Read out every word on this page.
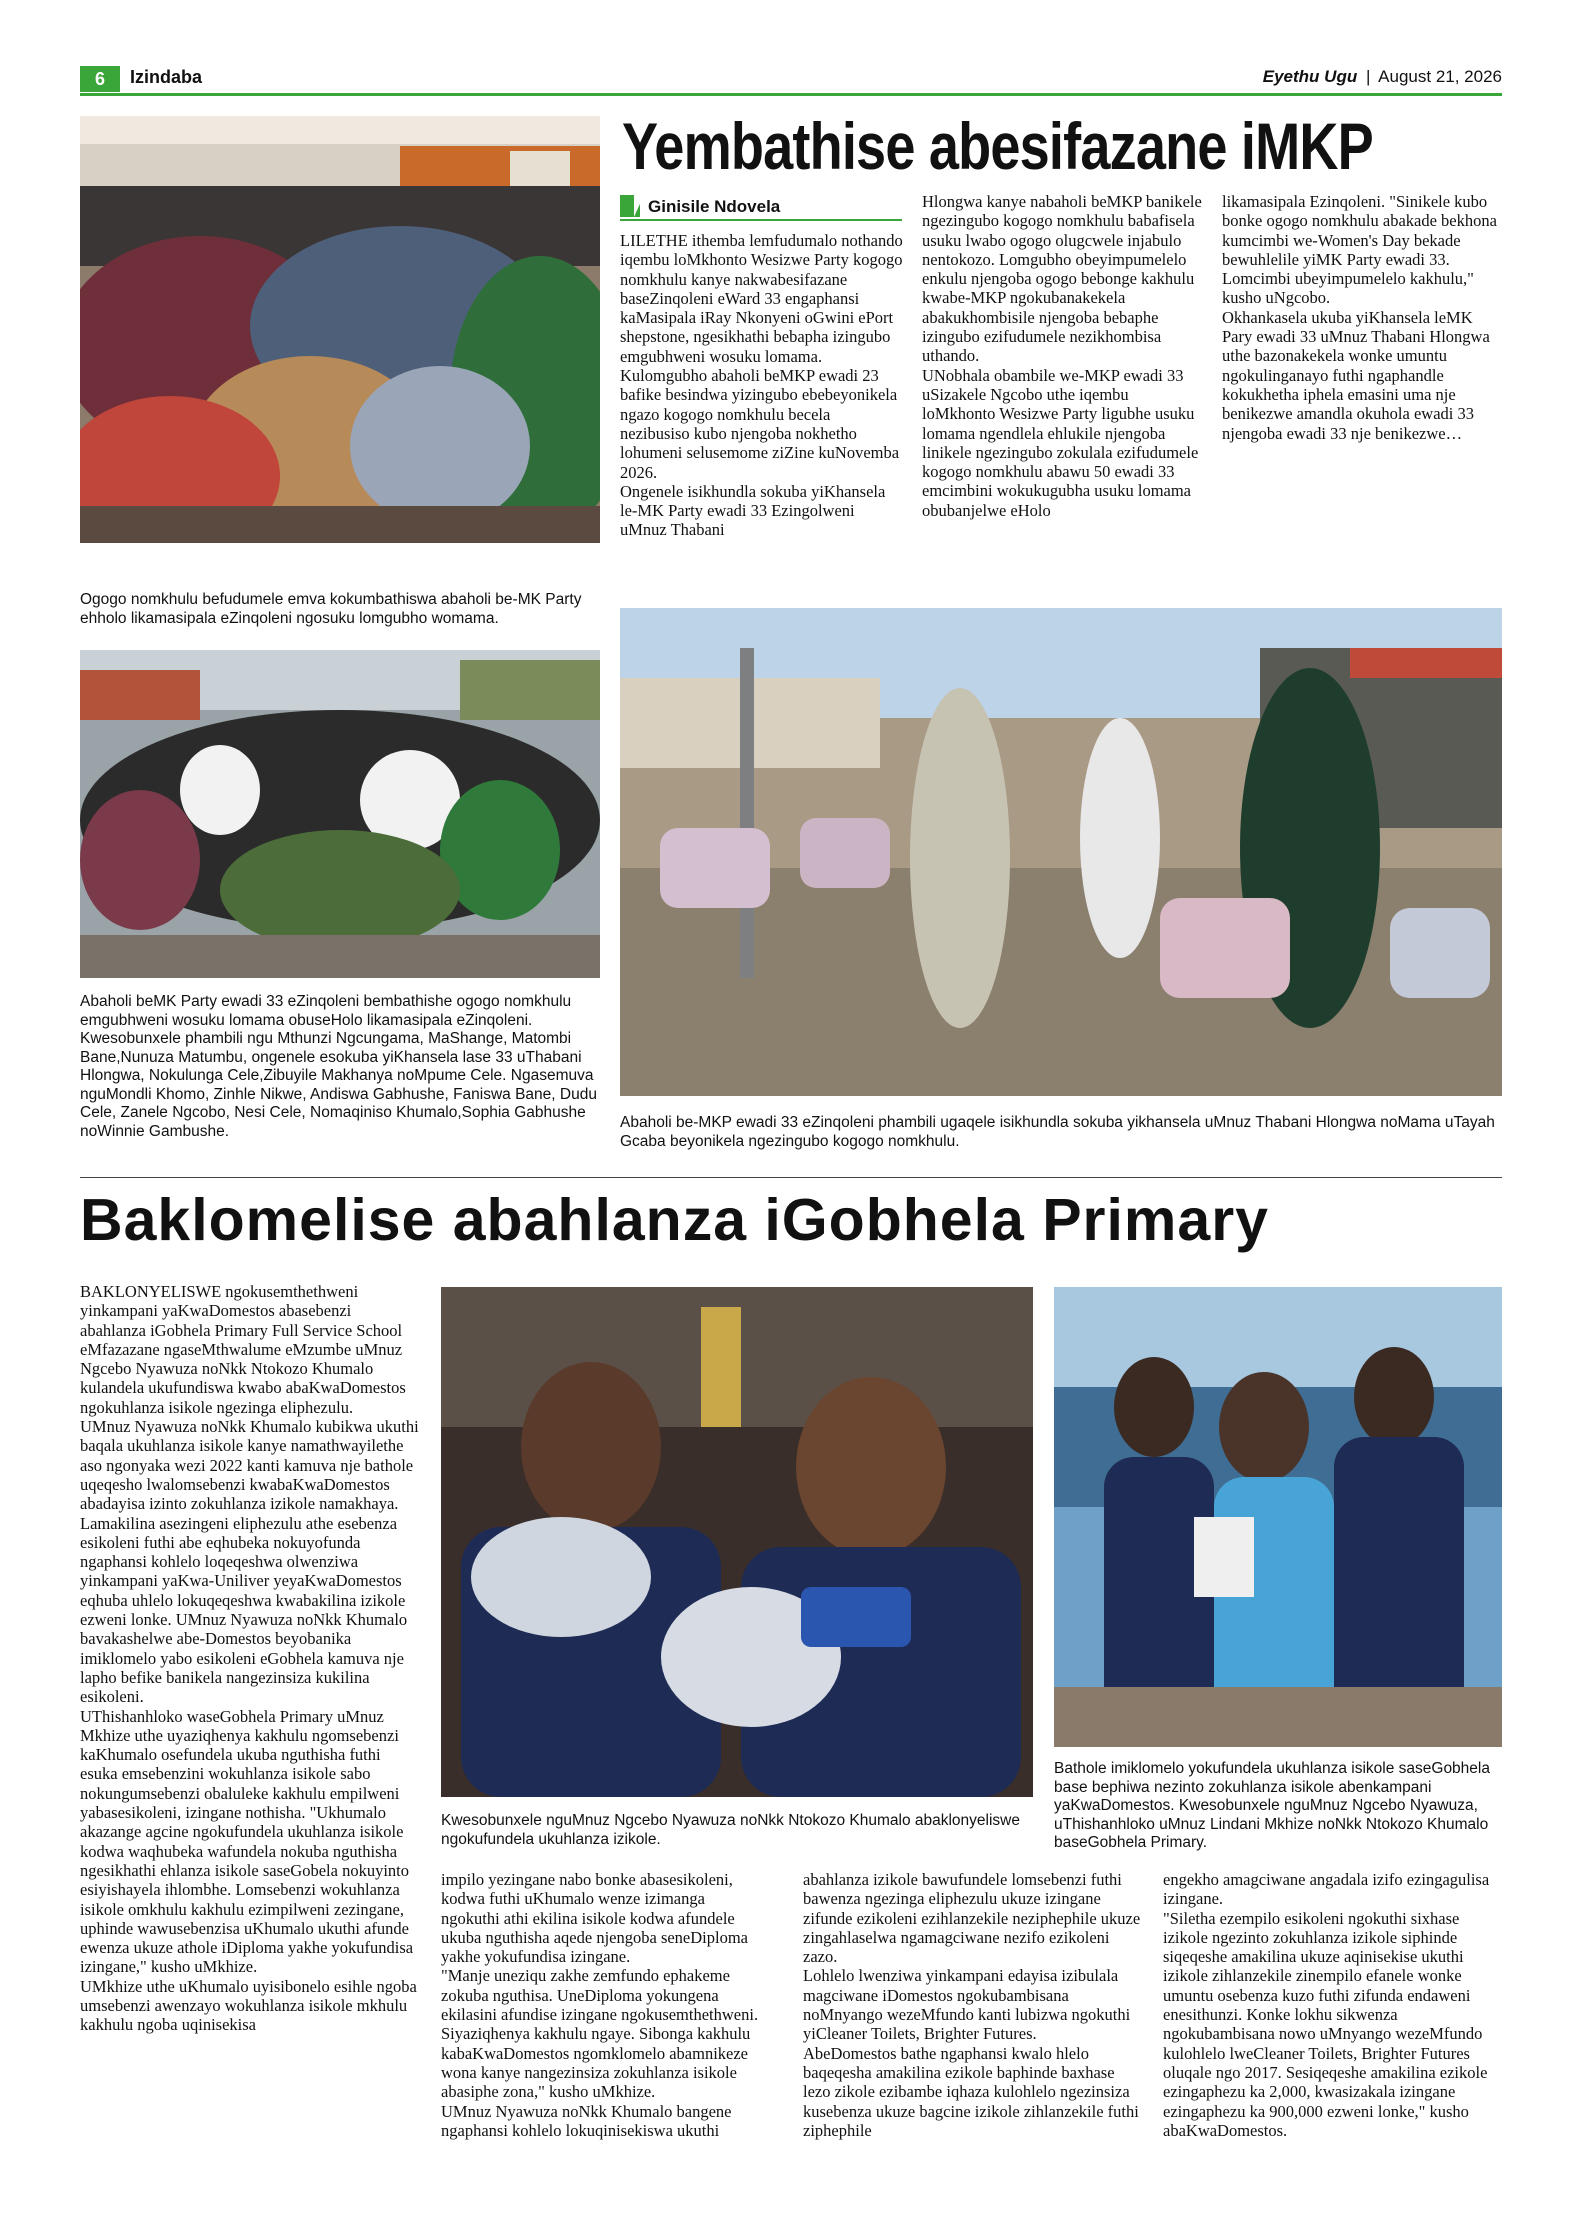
6	Izindaba	Eyethu Ugu | August 21, 2026
Yembathise abesifazane iMKP
Ginisile Ndovela

LILETHE ithemba lemfudumalo nothando iqembu loMkhonto Wesizwe Party kogogo nomkhulu kanye nakwabesifazane baseZinqoleni eWard 33 engaphansi kaMasipala iRay Nkonyeni oGwini ePort shepstone, ngesikhathi bebapha izingubo emgubhweni wosuku lomama. Kulomgubho abaholi beMKP ewadi 23 bafike besindwa yizingubo ebebeyonikela ngazo kogogo nomkhulu becela nezibusiso kubo njengoba nokhetho lohumeni selusemome ziZine kuNovemba 2026.
Ongenele isikhundla sokuba yiKhansela le-MK Party ewadi 33 Ezingolweni uMnuz Thabani

Hlongwa kanye nabaholi beMKP banikele ngezingubo kogogo nomkhulu babafisela usuku lwabo ogogo olugcwele injabulo nentokozo. Lomgubho obeyimpumelelo enkulu njengoba ogogo bebonge kakhulu kwabe-MKP ngokubanakekela abakukhombisile njengoba bebaphe izingubo ezifudumele nezikhombisa uthando.
UNobhala obambile we-MKP ewadi 33 uSizakele Ngcobo uthe iqembu loMkhonto Wesizwe Party ligubhe usuku lomama ngendlela ehlukile njengoba linikele ngezingubo zokulala ezifudumele kogogo nomkhulu abawu 50 ewadi 33 emcimbini wokukugubha usuku lomama obubanjelwe eHolo

likamasipala Ezinqoleni. "Sinikele kubo bonke ogogo nomkhulu abakade bekhona kumcimbi we-Women's Day bekade bewuhlelile yiMK Party ewadi 33. Lomcimbi ubeyimpumelelo kakhulu," kusho uNgcobo.
Okhankasela ukuba yiKhansela leMK Pary ewadi 33 uMnuz Thabani Hlongwa uthe bazonakekela wonke umuntu ngokulinganayo futhi ngaphandle kokukhetha iphela emasini uma nje benikezwe amandla okuhola ewadi 33 njengoba ewadi 33 nje benikezwe…

Ogogo nomkhulu befudumele emva kokumbathiswa abaholi be-MK Party ehholo likamasipala eZinqoleni ngosuku lomgubho womama.
Abaholi beMK Party ewadi 33 eZinqoleni bembathishe ogogo nomkhulu emgubhweni wosuku lomama obuseHolo likamasipala eZinqoleni. Kwesobunxele phambili ngu Mthunzi Ngcungama, MaShange, Matombi Bane,Nunuza Matumbu, ongenele esokuba yiKhansela lase 33 uThabani Hlongwa, Nokulunga Cele,Zibuyile Makhanya noMpume Cele. Ngasemuva nguMondli Khomo, Zinhle Nikwe, Andiswa Gabhushe, Faniswa Bane, Dudu Cele, Zanele Ngcobo, Nesi Cele, Nomaqiniso Khumalo,Sophia Gabhushe noWinnie Gambushe.	Abaholi be-MKP ewadi 33 eZinqoleni phambili ugaqele isikhundla sokuba yikhansela uMnuz Thabani Hlongwa noMama uTayah Gcaba beyonikela ngezingubo kogogo nomkhulu.
Baklomelise abahlanza iGobhela Primary

BAKLONYELISWE ngokusemthethweni yinkampani yaKwaDomestos abasebenzi abahlanza iGobhela Primary Full Service School eMfazazane ngaseMthwalume eMzumbe uMnuz Ngcebo Nyawuza noNkk Ntokozo Khumalo kulandela ukufundiswa kwabo abaKwaDomestos ngokuhlanza isikole ngezinga eliphezulu.
UMnuz Nyawuza noNkk Khumalo kubikwa ukuthi baqala ukuhlanza isikole kanye namathwayilethe aso ngonyaka wezi 2022 kanti kamuva nje bathole uqeqesho lwalomsebenzi kwabaKwaDomestos abadayisa izinto zokuhlanza izikole namakhaya. Lamakilina asezingeni eliphezulu athe esebenza esikoleni futhi abe eqhubeka nokuyofunda ngaphansi kohlelo loqeqeshwa olwenziwa yinkampani yaKwa-Uniliver yeyaKwaDomestos eqhuba uhlelo lokuqeqeshwa kwabakilina izikole ezweni lonke. UMnuz Nyawuza noNkk Khumalo bavakashelwe abe-Domestos beyobanika imiklomelo yabo esikoleni eGobhela kamuva nje lapho befike banikela nangezinsiza kukilina esikoleni.
UThishanhloko waseGobhela Primary uMnuz Mkhize uthe uyaziqhenya kakhulu ngomsebenzi kaKhumalo osefundela ukuba nguthisha futhi esuka emsebenzini wokuhlanza isikole sabo nokungumsebenzi obaluleke kakhulu empilweni yabasesikoleni, izingane nothisha. "Ukhumalo akazange agcine ngokufundela ukuhlanza isikole kodwa waqhubeka wafundela nokuba nguthisha ngesikhathi ehlanza isikole saseGobela nokuyinto esiyishayela ihlombhe. Lomsebenzi wokuhlanza isikole omkhulu kakhulu ezimpilweni zezingane, uphinde wawusebenzisa uKhumalo ukuthi afunde ewenza ukuze athole iDiploma yakhe yokufundisa izingane," kusho uMkhize.
UMkhize uthe uKhumalo uyisibonelo esihle ngoba umsebenzi awenzayo wokuhlanza isikole mkhulu kakhulu ngoba uqinisekisa

Kwesobunxele nguMnuz Ngcebo Nyawuza noNkk Ntokozo Khumalo abaklonyeliswe ngokufundela ukuhlanza izikole.
Bathole imiklomelo yokufundela ukuhlanza isikole saseGobhela base bephiwa nezinto zokuhlanza isikole abenkampani yaKwaDomestos. Kwesobunxele nguMnuz Ngcebo Nyawuza, uThishanhloko uMnuz Lindani Mkhize noNkk Ntokozo Khumalo baseGobhela Primary.

impilo yezingane nabo bonke abasesikoleni, kodwa futhi uKhumalo wenze izimanga ngokuthi athi ekilina isikole kodwa afundele ukuba nguthisha aqede njengoba seneDiploma yakhe yokufundisa izingane.
"Manje uneziqu zakhe zemfundo ephakeme zokuba nguthisa. UneDiploma yokungena ekilasini afundise izingane ngokusemthethweni. Siyaziqhenya kakhulu ngaye. Sibonga kakhulu kabaKwaDomestos ngomklomelo abamnikeze wona kanye nangezinsiza zokuhlanza isikole abasiphe zona," kusho uMkhize.
UMnuz Nyawuza noNkk Khumalo bangene ngaphansi kohlelo lokuqinisekiswa ukuthi

abahlanza izikole bawufundele lomsebenzi futhi bawenza ngezinga eliphezulu ukuze izingane zifunde ezikoleni ezihlanzekile neziphephile ukuze zingahlaselwa ngamagciwane nezifo ezikoleni zazo.
Lohlelo lwenziwa yinkampani edayisa izibulala magciwane iDomestos ngokubambisana noMnyango wezeMfundo kanti lubizwa ngokuthi yiCleaner Toilets, Brighter Futures.
AbeDomestos bathe ngaphansi kwalo hlelo baqeqesha amakilina ezikole baphinde baxhase lezo zikole ezibambe iqhaza kulohlelo ngezinsiza kusebenza ukuze bagcine izikole zihlanzekile futhi ziphephile

engekho amagciwane angadala izifo ezingagulisa izingane.
"Siletha ezempilo esikoleni ngokuthi sixhase izikole ngezinto zokuhlanza izikole siphinde siqeqeshe amakilina ukuze aqinisekise ukuthi izikole zihlanzekile zinempilo efanele wonke umuntu osebenza kuzo futhi zifunda endaweni enesithunzi. Konke lokhu sikwenza ngokubambisana nowo uMnyango wezeMfundo kulohlelo lweCleaner Toilets, Brighter Futures oluqale ngo 2017. Sesiqeqeshe amakilina ezikole ezingaphezu ka 2,000, kwasizakala izingane ezingaphezu ka 900,000 ezweni lonke," kusho abaKwaDomestos.
